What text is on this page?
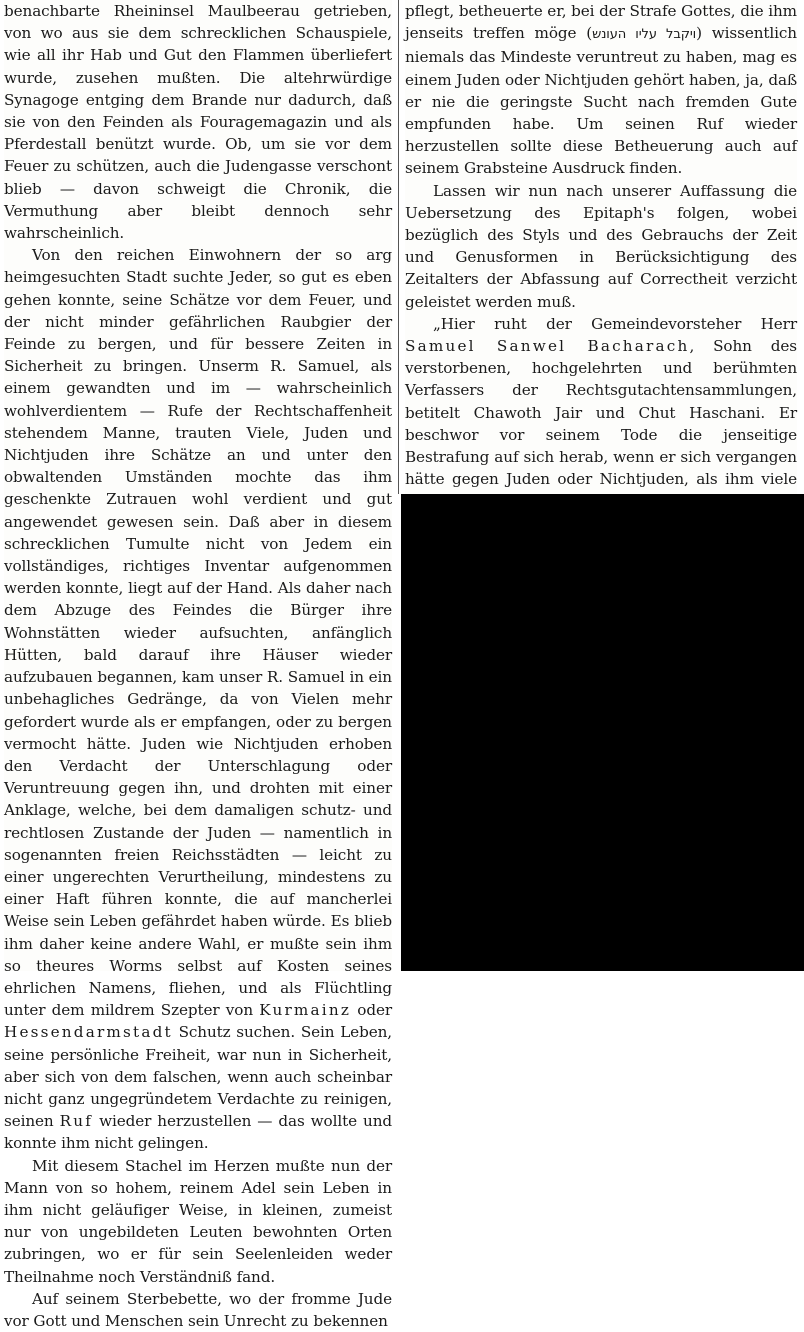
benachbarte Rheininsel Maulbeerau getrieben, von wo aus sie dem schrecklichen Schauspiele, wie all ihr Hab und Gut den Flammen überliefert wurde, zusehen mußten. Die altehrwürdige Synagoge entging dem Brande nur dadurch, daß sie von den Feinden als Fouragemagazin und als Pferdestall benützt wurde. Ob, um sie vor dem Feuer zu schützen, auch die Judengasse verschont blieb — davon schweigt die Chronik, die Vermuthung aber bleibt dennoch sehr wahrscheinlich.

Von den reichen Einwohnern der so arg heimgesuchten Stadt suchte Jeder, so gut es eben gehen konnte, seine Schätze vor dem Feuer, und der nicht minder gefährlichen Raubgier der Feinde zu bergen, und für bessere Zeiten in Sicherheit zu bringen. Unserm R. Samuel, als einem gewandten und im — wahrscheinlich wohlverdientem — Rufe der Rechtschaffenheit stehendem Manne, trauten Viele, Juden und Nichtjuden ihre Schätze an und unter den obwaltenden Umständen mochte das ihm geschenkte Zutrauen wohl verdient und gut angewendet gewesen sein. Daß aber in diesem schrecklichen Tumulte nicht von Jedem ein vollständiges, richtiges Inventar aufgenommen werden konnte, liegt auf der Hand. Als daher nach dem Abzuge des Feindes die Bürger ihre Wohnstätten wieder aufsuchten, anfänglich Hütten, bald darauf ihre Häuser wieder aufzubauen begannen, kam unser R. Samuel in ein unbehagliches Gedränge, da von Vielen mehr gefordert wurde als er empfangen, oder zu bergen vermocht hätte. Juden wie Nichtjuden erhoben den Verdacht der Unterschlagung oder Veruntreuung gegen ihn, und drohten mit einer Anklage, welche, bei dem damaligen schutz- und rechtlosen Zustande der Juden — namentlich in sogenannten freien Reichsstädten — leicht zu einer ungerechten Verurtheilung, mindestens zu einer Haft führen konnte, die auf mancherlei Weise sein Leben gefährdet haben würde. Es blieb ihm daher keine andere Wahl, er mußte sein ihm so theures Worms selbst auf Kosten seines ehrlichen Namens, fliehen, und als Flüchtling unter dem mildrem Szepter von Kurmainz oder Hessendarmstadt Schutz suchen. Sein Leben, seine persönliche Freiheit, war nun in Sicherheit, aber sich von dem falschen, wenn auch scheinbar nicht ganz ungegründetem Verdachte zu reinigen, seinen Ruf wieder herzustellen — das wollte und konnte ihm nicht gelingen.

Mit diesem Stachel im Herzen mußte nun der Mann von so hohem, reinem Adel sein Leben in ihm nicht geläufiger Weise, in kleinen, zumeist nur von ungebildeten Leuten bewohnten Orten zubringen, wo er für sein Seelenleiden weder Theilnahme noch Verständniß fand.

Auf seinem Sterbebette, wo der fromme Jude vor Gott und Menschen sein Unrecht zu bekennen

pflegt, betheuerte er, bei der Strafe Gottes, die ihm jenseits treffen möge (ויקבל עליו העונש) wissentlich niemals das Mindeste veruntreut zu haben, mag es einem Juden oder Nichtjuden gehört haben, ja, daß er nie die geringste Sucht nach fremden Gute empfunden habe. Um seinen Ruf wieder herzustellen sollte diese Betheuerung auch auf seinem Grabsteine Ausdruck finden.

Lassen wir nun nach unserer Auffassung die Uebersetzung des Epitaph's folgen, wobei bezüglich des Styls und des Gebrauchs der Zeit und Genusformen in Berücksichtigung des Zeitalters der Abfassung auf Correctheit verzicht geleistet werden muß.

„Hier ruht der Gemeindevorsteher Herr Samuel Sanwel Bacharach, Sohn des verstorbenen, hochgelehrten und berühmten Verfassers der Rechtsgutachtensammlungen, betitelt Chawoth Jair und Chut Haschani. Er beschwor vor seinem Tode die jenseitige Bestrafung auf sich herab, wenn er sich vergangen hätte gegen Juden oder Nichtjuden, als ihm viele
